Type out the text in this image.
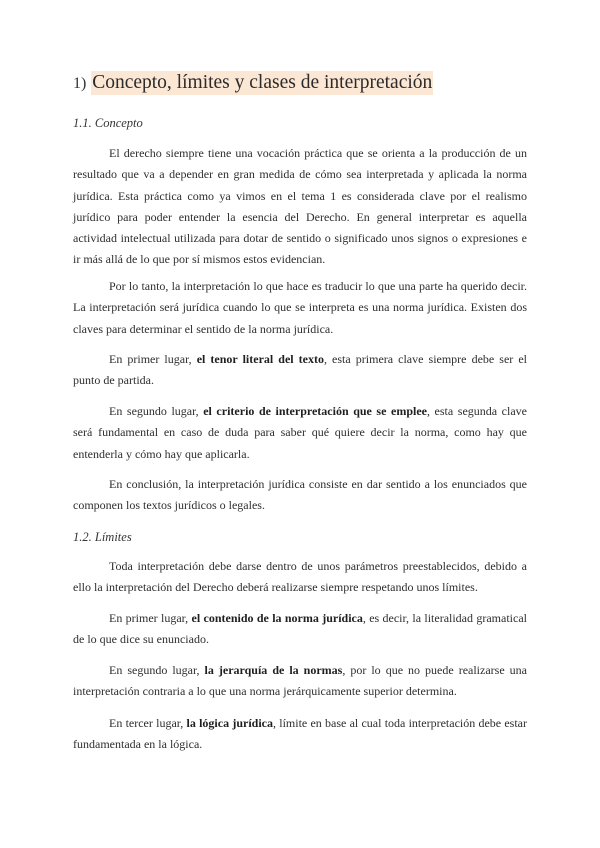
1) Concepto, límites y clases de interpretación
1.1. Concepto
El derecho siempre tiene una vocación práctica que se orienta a la producción de un resultado que va a depender en gran medida de cómo sea interpretada y aplicada la norma jurídica. Esta práctica como ya vimos en el tema 1 es considerada clave por el realismo jurídico para poder entender la esencia del Derecho. En general interpretar es aquella actividad intelectual utilizada para dotar de sentido o significado unos signos o expresiones e ir más allá de lo que por sí mismos estos evidencian.
Por lo tanto, la interpretación lo que hace es traducir lo que una parte ha querido decir. La interpretación será jurídica cuando lo que se interpreta es una norma jurídica. Existen dos claves para determinar el sentido de la norma jurídica.
En primer lugar, el tenor literal del texto, esta primera clave siempre debe ser el punto de partida.
En segundo lugar, el criterio de interpretación que se emplee, esta segunda clave será fundamental en caso de duda para saber qué quiere decir la norma, como hay que entenderla y cómo hay que aplicarla.
En conclusión, la interpretación jurídica consiste en dar sentido a los enunciados que componen los textos jurídicos o legales.
1.2. Límites
Toda interpretación debe darse dentro de unos parámetros preestablecidos, debido a ello la interpretación del Derecho deberá realizarse siempre respetando unos límites.
En primer lugar, el contenido de la norma jurídica, es decir, la literalidad gramatical de lo que dice su enunciado.
En segundo lugar, la jerarquía de la normas, por lo que no puede realizarse una interpretación contraria a lo que una norma jerárquicamente superior determina.
En tercer lugar, la lógica jurídica, límite en base al cual toda interpretación debe estar fundamentada en la lógica.
